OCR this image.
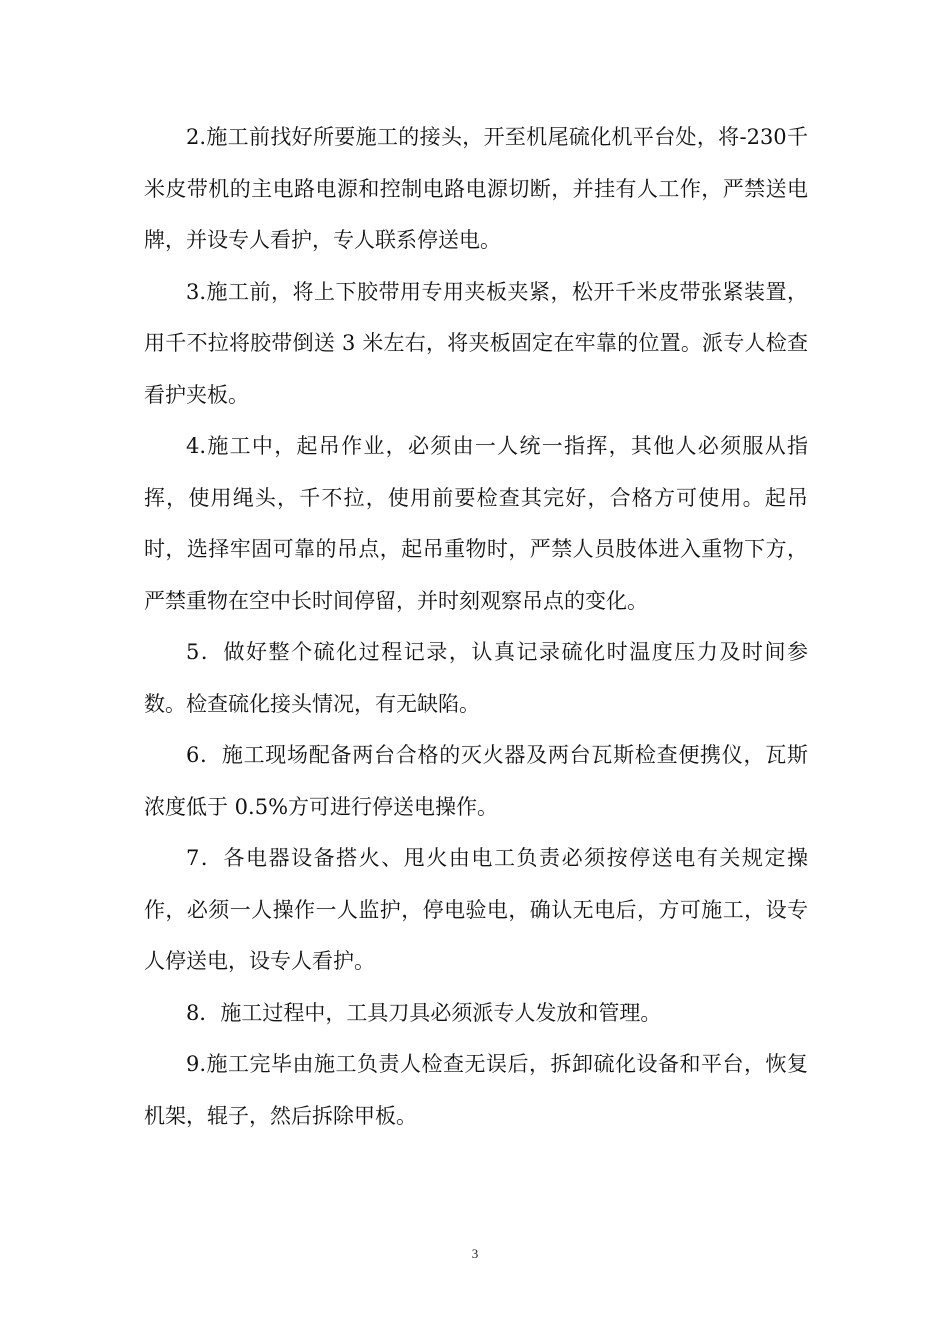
2.施工前找好所要施工的接头，开至机尾硫化机平台处，将-230千米皮带机的主电路电源和控制电路电源切断，并挂有人工作，严禁送电牌，并设专人看护，专人联系停送电。

3.施工前，将上下胶带用专用夹板夹紧，松开千米皮带张紧装置，用千不拉将胶带倒送 3 米左右，将夹板固定在牢靠的位置。派专人检查看护夹板。

4.施工中，起吊作业，必须由一人统一指挥，其他人必须服从指挥，使用绳头，千不拉，使用前要检查其完好，合格方可使用。起吊时，选择牢固可靠的吊点，起吊重物时，严禁人员肢体进入重物下方，严禁重物在空中长时间停留，并时刻观察吊点的变化。

5．做好整个硫化过程记录，认真记录硫化时温度压力及时间参数。检查硫化接头情况，有无缺陷。

6．施工现场配备两台合格的灭火器及两台瓦斯检查便携仪，瓦斯浓度低于 0.5%方可进行停送电操作。

7．各电器设备搭火、甩火由电工负责必须按停送电有关规定操作，必须一人操作一人监护，停电验电，确认无电后，方可施工，设专人停送电，设专人看护。

8．施工过程中，工具刀具必须派专人发放和管理。

9.施工完毕由施工负责人检查无误后，拆卸硫化设备和平台，恢复机架，辊子，然后拆除甲板。

3
